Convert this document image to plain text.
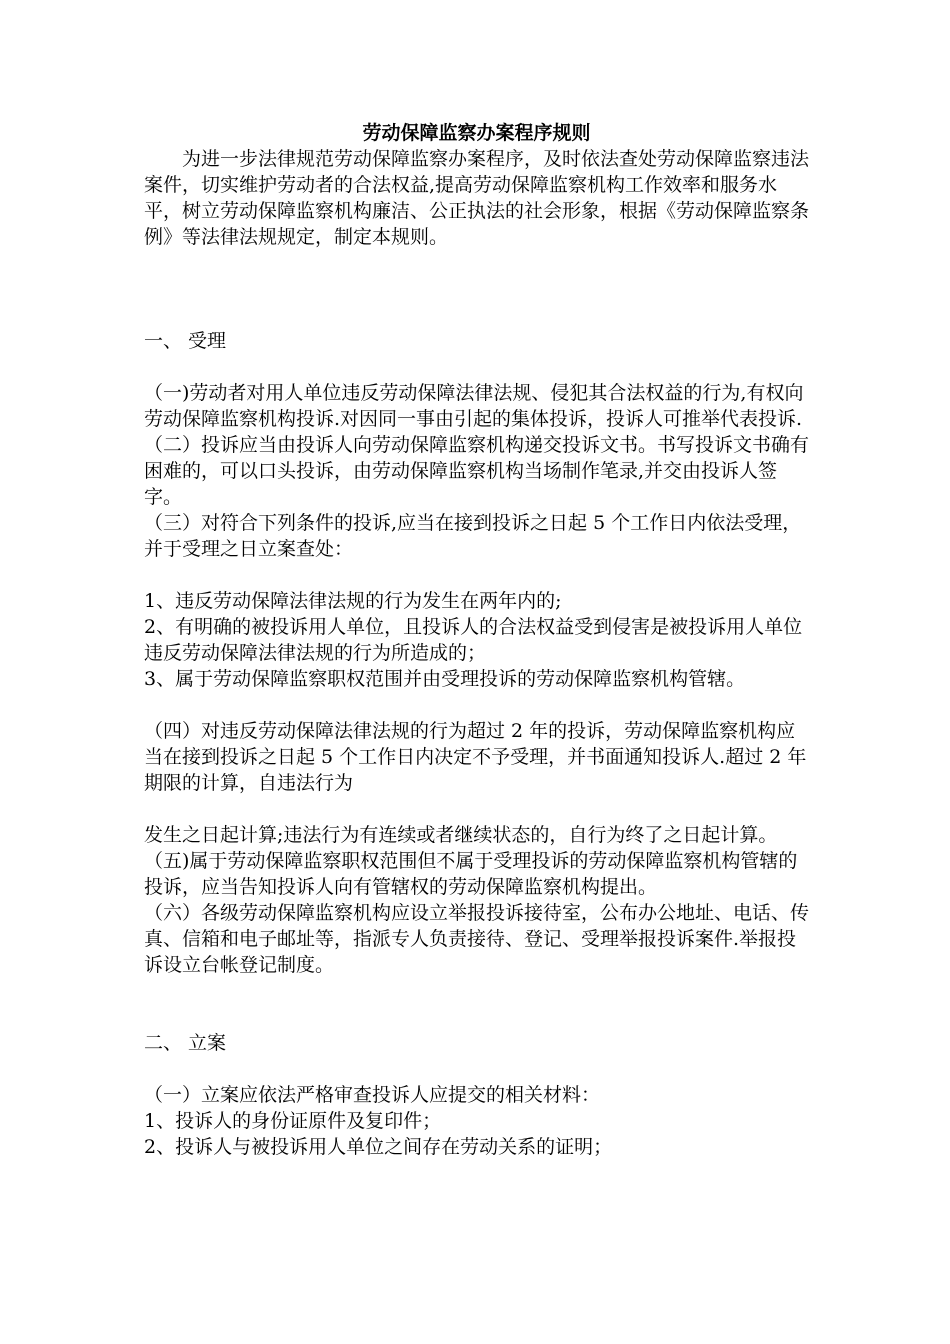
劳动保障监察办案程序规则

为进一步法律规范劳动保障监察办案程序，及时依法查处劳动保障监察违法案件，切实维护劳动者的合法权益,提高劳动保障监察机构工作效率和服务水平，树立劳动保障监察机构廉洁、公正执法的社会形象，根据《劳动保障监察条例》等法律法规规定，制定本规则。

一、 受理

（一)劳动者对用人单位违反劳动保障法律法规、侵犯其合法权益的行为,有权向劳动保障监察机构投诉.对因同一事由引起的集体投诉，投诉人可推举代表投诉.

（二）投诉应当由投诉人向劳动保障监察机构递交投诉文书。书写投诉文书确有困难的，可以口头投诉，由劳动保障监察机构当场制作笔录,并交由投诉人签字。

（三）对符合下列条件的投诉,应当在接到投诉之日起 5 个工作日内依法受理，并于受理之日立案查处：

1、违反劳动保障法律法规的行为发生在两年内的;

2、有明确的被投诉用人单位，且投诉人的合法权益受到侵害是被投诉用人单位违反劳动保障法律法规的行为所造成的；

3、属于劳动保障监察职权范围并由受理投诉的劳动保障监察机构管辖。

（四）对违反劳动保障法律法规的行为超过 2 年的投诉，劳动保障监察机构应当在接到投诉之日起 5 个工作日内决定不予受理，并书面通知投诉人.超过 2 年期限的计算，自违法行为

发生之日起计算;违法行为有连续或者继续状态的，自行为终了之日起计算。

（五)属于劳动保障监察职权范围但不属于受理投诉的劳动保障监察机构管辖的投诉，应当告知投诉人向有管辖权的劳动保障监察机构提出。

（六）各级劳动保障监察机构应设立举报投诉接待室，公布办公地址、电话、传真、信箱和电子邮址等，指派专人负责接待、登记、受理举报投诉案件.举报投诉设立台帐登记制度。

二、 立案

（一）立案应依法严格审查投诉人应提交的相关材料：

1、投诉人的身份证原件及复印件；

2、投诉人与被投诉用人单位之间存在劳动关系的证明；
